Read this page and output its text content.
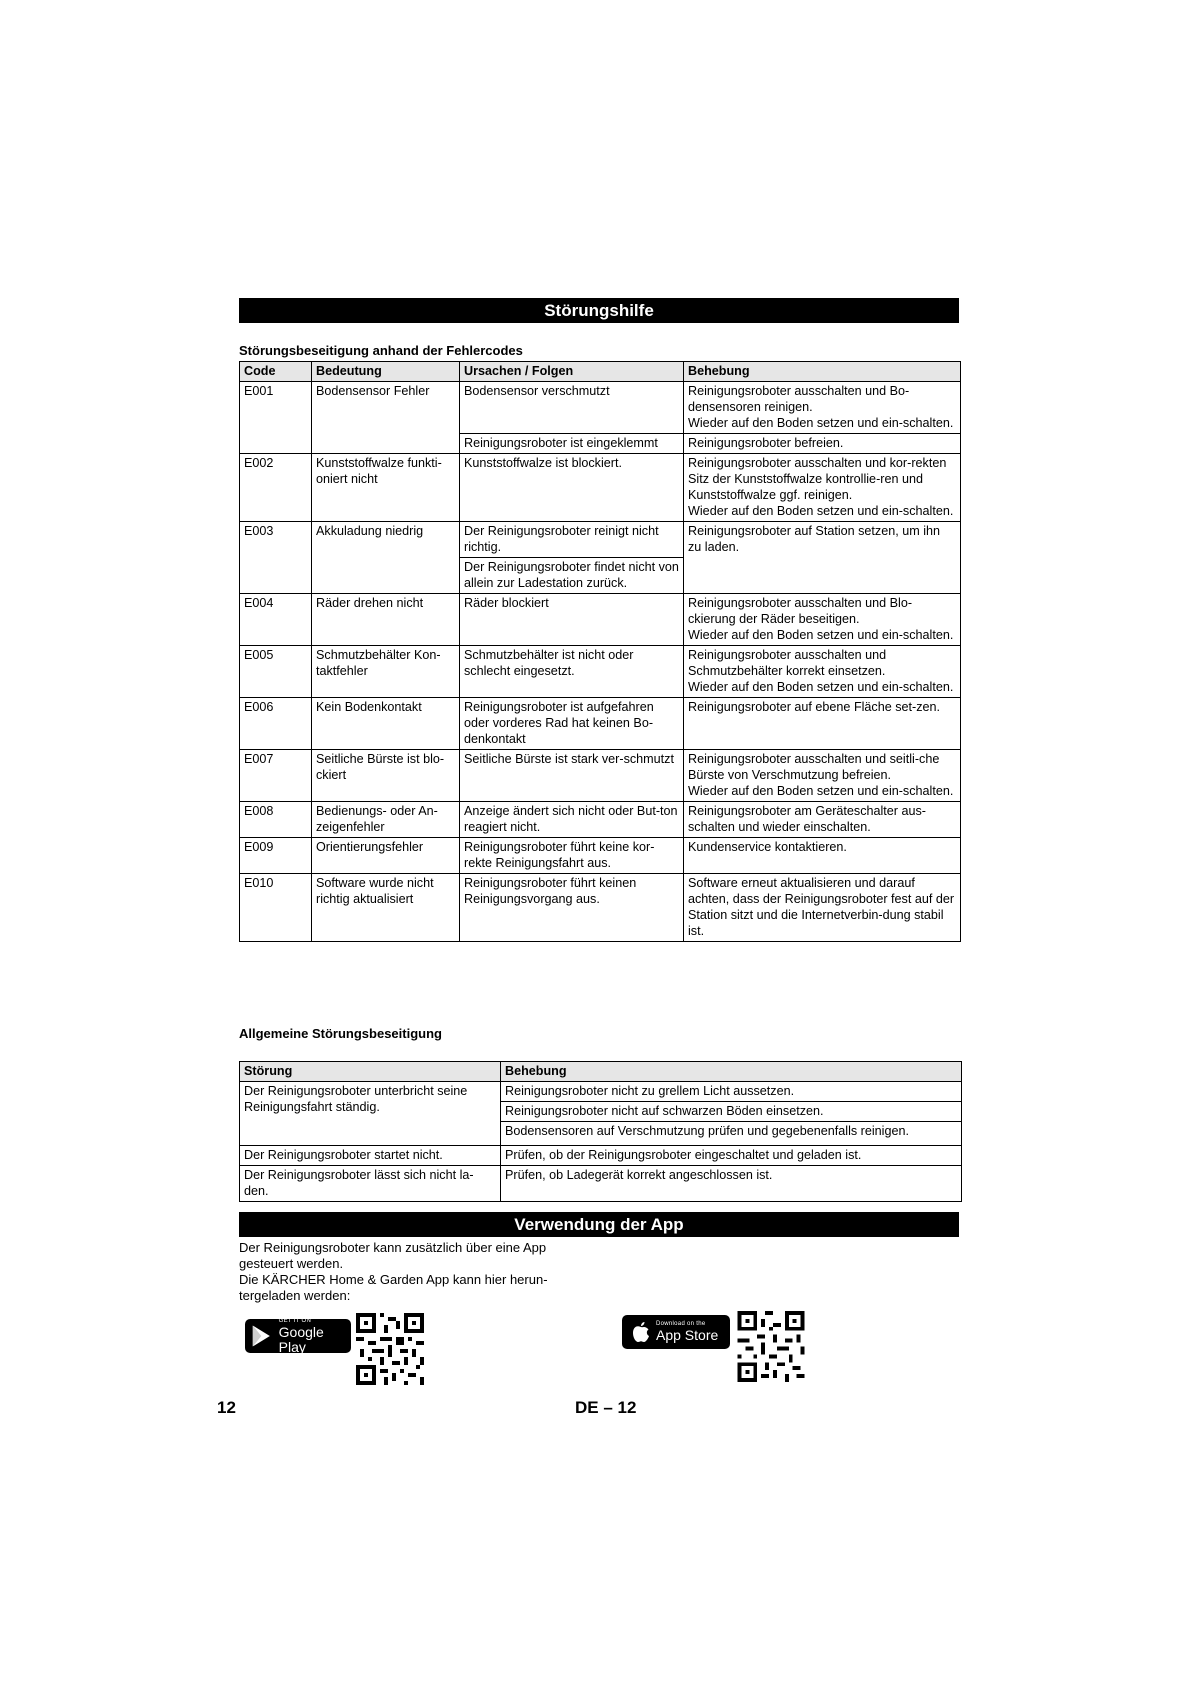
Störungshilfe
Störungsbeseitigung anhand der Fehlercodes
Code	Bedeutung	Ursachen / Folgen	Behebung
E001	Bodensensor Fehler	Bodensensor verschmutzt	Reinigungsroboter ausschalten und Bo-densensoren reinigen.
Wieder auf den Boden setzen und ein-schalten.
		Reinigungsroboter ist eingeklemmt	Reinigungsroboter befreien.
E002	Kunststoffwalze funkti-oniert nicht	Kunststoffwalze ist blockiert.	Reinigungsroboter ausschalten und kor-rekten Sitz der Kunststoffwalze kontrollie-ren und Kunststoffwalze ggf. reinigen.
Wieder auf den Boden setzen und ein-schalten.
E003	Akkuladung niedrig	Der Reinigungsroboter reinigt nicht richtig.	Reinigungsroboter auf Station setzen, um ihn zu laden.
		Der Reinigungsroboter findet nicht von allein zur Ladestation zurück.	
E004	Räder drehen nicht	Räder blockiert	Reinigungsroboter ausschalten und Blo-ckierung der Räder beseitigen.
Wieder auf den Boden setzen und ein-schalten.
E005	Schmutzbehälter Kon-taktfehler	Schmutzbehälter ist nicht oder schlecht eingesetzt.	Reinigungsroboter ausschalten und Schmutzbehälter korrekt einsetzen.
Wieder auf den Boden setzen und ein-schalten.
E006	Kein Bodenkontakt	Reinigungsroboter ist aufgefahren oder vorderes Rad hat keinen Bo-denkontakt	Reinigungsroboter auf ebene Fläche set-zen.
E007	Seitliche Bürste ist blo-ckiert	Seitliche Bürste ist stark ver-schmutzt	Reinigungsroboter ausschalten und seitli-che Bürste von Verschmutzung befreien.
Wieder auf den Boden setzen und ein-schalten.
E008	Bedienungs- oder An-zeigenfehler	Anzeige ändert sich nicht oder But-ton reagiert nicht.	Reinigungsroboter am Geräteschalter aus-schalten und wieder einschalten.
E009	Orientierungsfehler	Reinigungsroboter führt keine kor-rekte Reinigungsfahrt aus.	Kundenservice kontaktieren.
E010	Software wurde nicht richtig aktualisiert	Reinigungsroboter führt keinen Reinigungsvorgang aus.	Software erneut aktualisieren und darauf achten, dass der Reinigungsroboter fest auf der Station sitzt und die Internetverbin-dung stabil ist.
Allgemeine Störungsbeseitigung
Störung	Behebung
Der Reinigungsroboter unterbricht seine Reinigungsfahrt ständig.	Reinigungsroboter nicht zu grellem Licht aussetzen.
	Reinigungsroboter nicht auf schwarzen Böden einsetzen.
	Bodensensoren auf Verschmutzung prüfen und gegebenenfalls reinigen.
Der Reinigungsroboter startet nicht.	Prüfen, ob der Reinigungsroboter eingeschaltet und geladen ist.
Der Reinigungsroboter lässt sich nicht la-den.	Prüfen, ob Ladegerät korrekt angeschlossen ist.
Verwendung der App

Der Reinigungsroboter kann zusätzlich über eine App gesteuert werden.

Die KÄRCHER Home & Garden App kann hier herun-tergeladen werden:

GET IT ON
Google Play
Download on the
App Store
12	DE – 12
